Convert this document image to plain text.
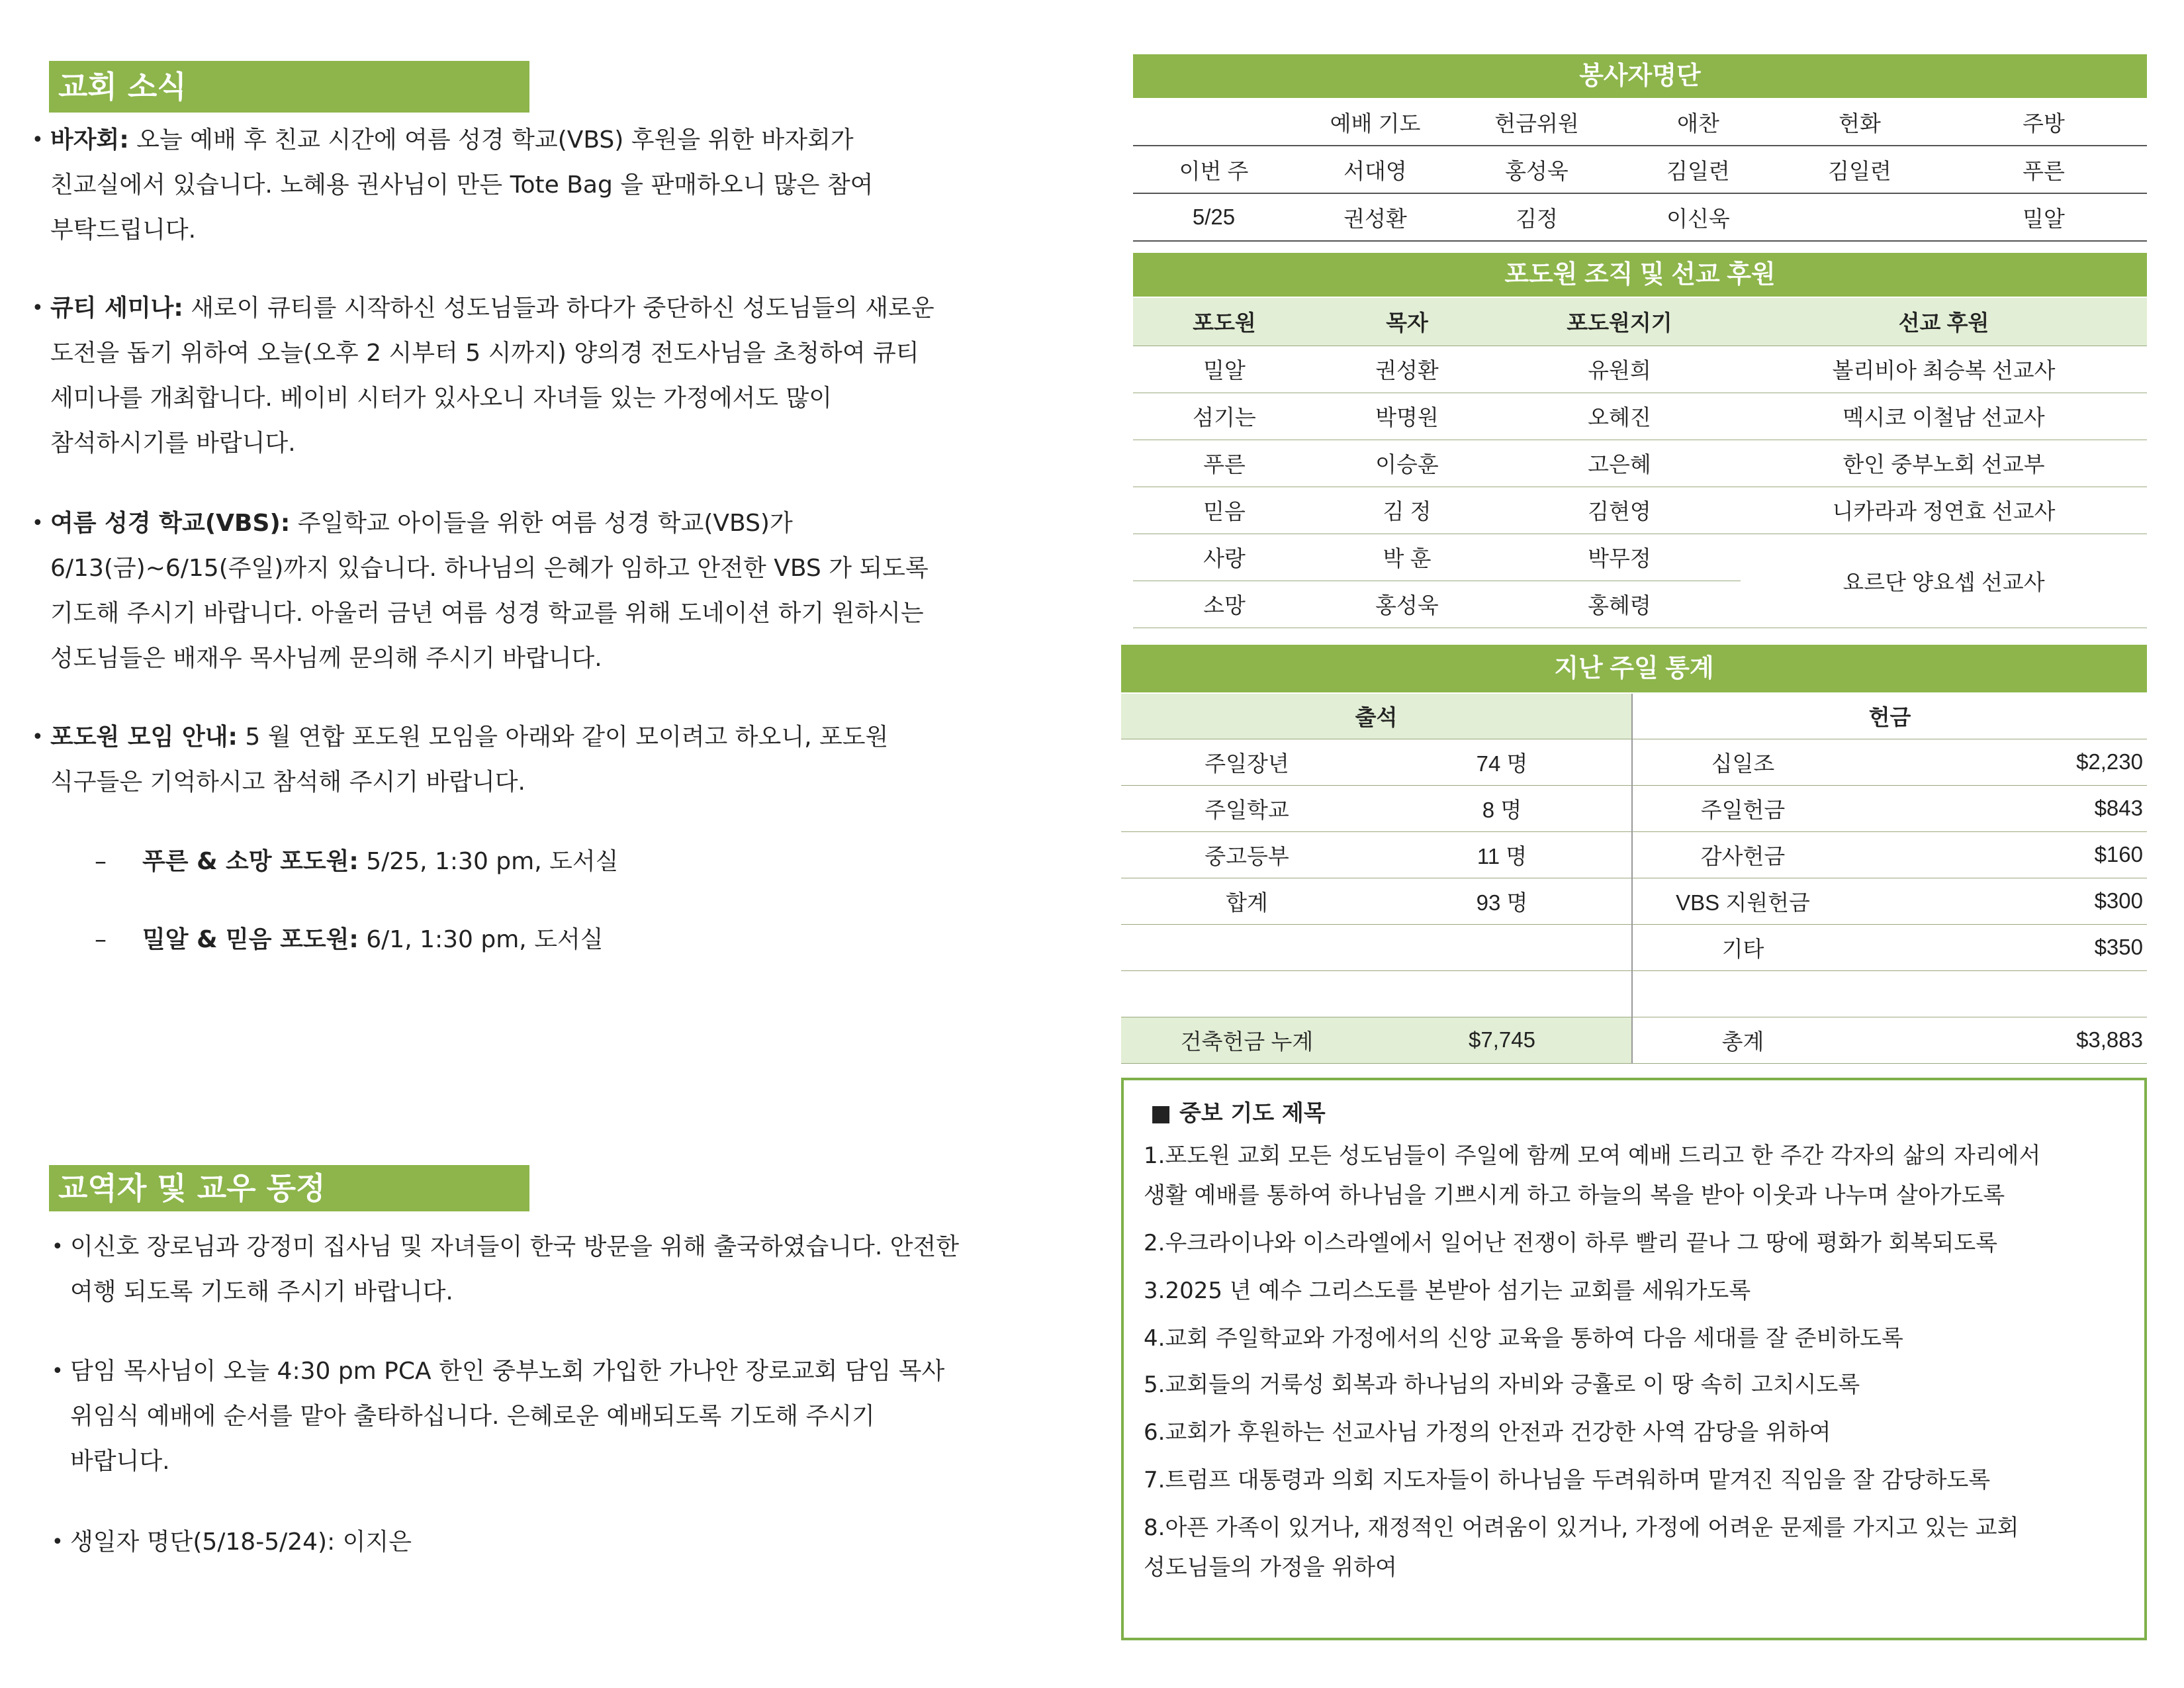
교회 소식
• 바자회: 오늘 예배 후 친교 시간에 여름 성경 학교(VBS) 후원을 위한 바자회가
친교실에서 있습니다. 노혜용 권사님이 만든 Tote Bag 을 판매하오니 많은 참여
부탁드립니다.
• 큐티 세미나: 새로이 큐티를 시작하신 성도님들과 하다가 중단하신 성도님들의 새로운
도전을 돕기 위하여 오늘(오후 2 시부터 5 시까지) 양의경 전도사님을 초청하여 큐티
세미나를 개최합니다. 베이비 시터가 있사오니 자녀들 있는 가정에서도 많이
참석하시기를 바랍니다.
• 여름 성경 학교(VBS): 주일학교 아이들을 위한 여름 성경 학교(VBS)가
6/13(금)~6/15(주일)까지 있습니다. 하나님의 은혜가 임하고 안전한 VBS 가 되도록
기도해 주시기 바랍니다. 아울러 금년 여름 성경 학교를 위해 도네이션 하기 원하시는
성도님들은 배재우 목사님께 문의해 주시기 바랍니다.
• 포도원 모임 안내: 5 월 연합 포도원 모임을 아래와 같이 모이려고 하오니, 포도원
식구들은 기억하시고 참석해 주시기 바랍니다.
– 푸른 & 소망 포도원: 5/25, 1:30 pm, 도서실
– 밀알 & 믿음 포도원: 6/1, 1:30 pm, 도서실
교역자 및 교우 동정
• 이신호 장로님과 강정미 집사님 및 자녀들이 한국 방문을 위해 출국하였습니다. 안전한
여행 되도록 기도해 주시기 바랍니다.
• 담임 목사님이 오늘 4:30 pm PCA 한인 중부노회 가입한 가나안 장로교회 담임 목사
위임식 예배에 순서를 맡아 출타하십니다. 은혜로운 예배되도록 기도해 주시기
바랍니다.
• 생일자 명단(5/18-5/24): 이지은
봉사자명단
	예배 기도	헌금위원	애찬	헌화	주방
이번 주	서대영	홍성욱	김일련	김일련	푸른
5/25	권성환	김정	이신욱		밀알
포도원 조직 및 선교 후원
포도원	목자	포도원지기	선교 후원
밀알	권성환	유원희	볼리비아 최승복 선교사
섬기는	박명원	오혜진	멕시코 이철남 선교사
푸른	이승훈	고은혜	한인 중부노회 선교부
믿음	김 정	김현영	니카라과 정연효 선교사
사랑	박 훈	박무정	요르단 양요셉 선교사
소망	홍성욱	홍혜령	
지난 주일 통계
출석		헌금	
주일장년	74 명	십일조	$2,230
주일학교	8 명	주일헌금	$843
중고등부	11 명	감사헌금	$160
합계	93 명	VBS 지원헌금	$300
		기타	$350

건축헌금 누계	$7,745	총계	$3,883
■ 중보 기도 제목
1.포도원 교회 모든 성도님들이 주일에 함께 모여 예배 드리고 한 주간 각자의 삶의 자리에서
생활 예배를 통하여 하나님을 기쁘시게 하고 하늘의 복을 받아 이웃과 나누며 살아가도록
2.우크라이나와 이스라엘에서 일어난 전쟁이 하루 빨리 끝나 그 땅에 평화가 회복되도록
3.2025 년 예수 그리스도를 본받아 섬기는 교회를 세워가도록
4.교회 주일학교와 가정에서의 신앙 교육을 통하여 다음 세대를 잘 준비하도록
5.교회들의 거룩성 회복과 하나님의 자비와 긍휼로 이 땅 속히 고치시도록
6.교회가 후원하는 선교사님 가정의 안전과 건강한 사역 감당을 위하여
7.트럼프 대통령과 의회 지도자들이 하나님을 두려워하며 맡겨진 직임을 잘 감당하도록
8.아픈 가족이 있거나, 재정적인 어려움이 있거나, 가정에 어려운 문제를 가지고 있는 교회
성도님들의 가정을 위하여
